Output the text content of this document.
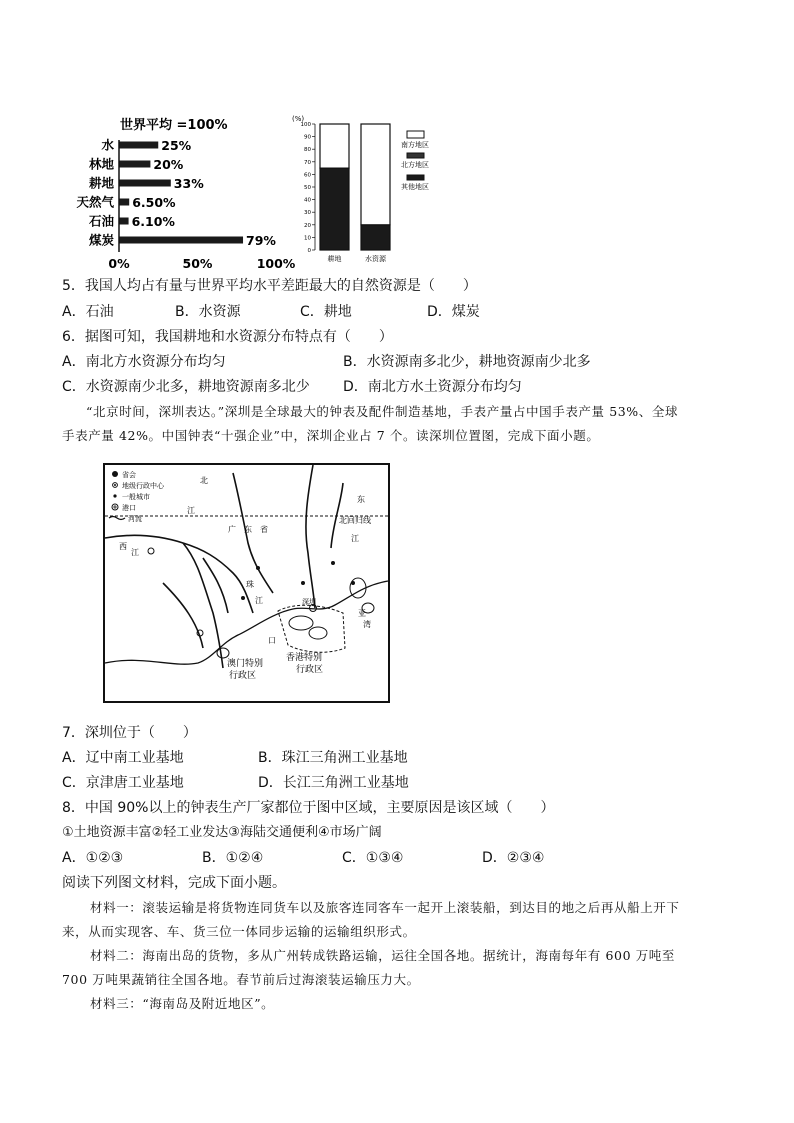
世界平均 =100%
水	25%
林地	20%
耕地	33%
天然气 6.50%
石油 6.10%
煤炭	79%
0%	50%	100%
(%)
0
10
20
30
40
50
60
70
80
90
100
耕地	水资源
南方地区
北方地区
其他地区
5．我国人均占有量与世界平均水平差距最大的自然资源是（　　）
A．石油	B．水资源	C．耕地	D．煤炭
6．据图可知，我国耕地和水资源分布特点有（　　）
A．南北方水资源分布均匀	B．水资源南多北少，耕地资源南少北多
C．水资源南少北多，耕地资源南多北少 D．南北方水土资源分布均匀
“北京时间，深圳表达。”深圳是全球最大的钟表及配件制造基地，手表产量占中国手表产量 53%、全球
手表产量 42%。中国钟表“十强企业”中，深圳企业占 7 个。读深圳位置图，完成下面小题。
省会
地级行政中心
一般城市
港口
河流
北
东
江
广　东　省
北回归线
西
江
江
珠
江
口
亚
湾
深圳
澳门特别
行政区
香港特别
行政区
7．深圳位于（　　）
A．辽中南工业基地	B．珠江三角洲工业基地
C．京津唐工业基地	D．长江三角洲工业基地
8．中国 90%以上的钟表生产厂家都位于图中区域，主要原因是该区域（　　）
①土地资源丰富②轻工业发达③海陆交通便利④市场广阔
A．①②③	B．①②④	C．①③④	D．②③④
阅读下列图文材料，完成下面小题。
材料一：滚装运输是将货物连同货车以及旅客连同客车一起开上滚装船，到达目的地之后再从船上开下
来，从而实现客、车、货三位一体同步运输的运输组织形式。
材料二：海南出岛的货物，多从广州转成铁路运输，运往全国各地。据统计，海南每年有 600 万吨至
700 万吨果蔬销往全国各地。春节前后过海滚装运输压力大。
材料三：“海南岛及附近地区”。
